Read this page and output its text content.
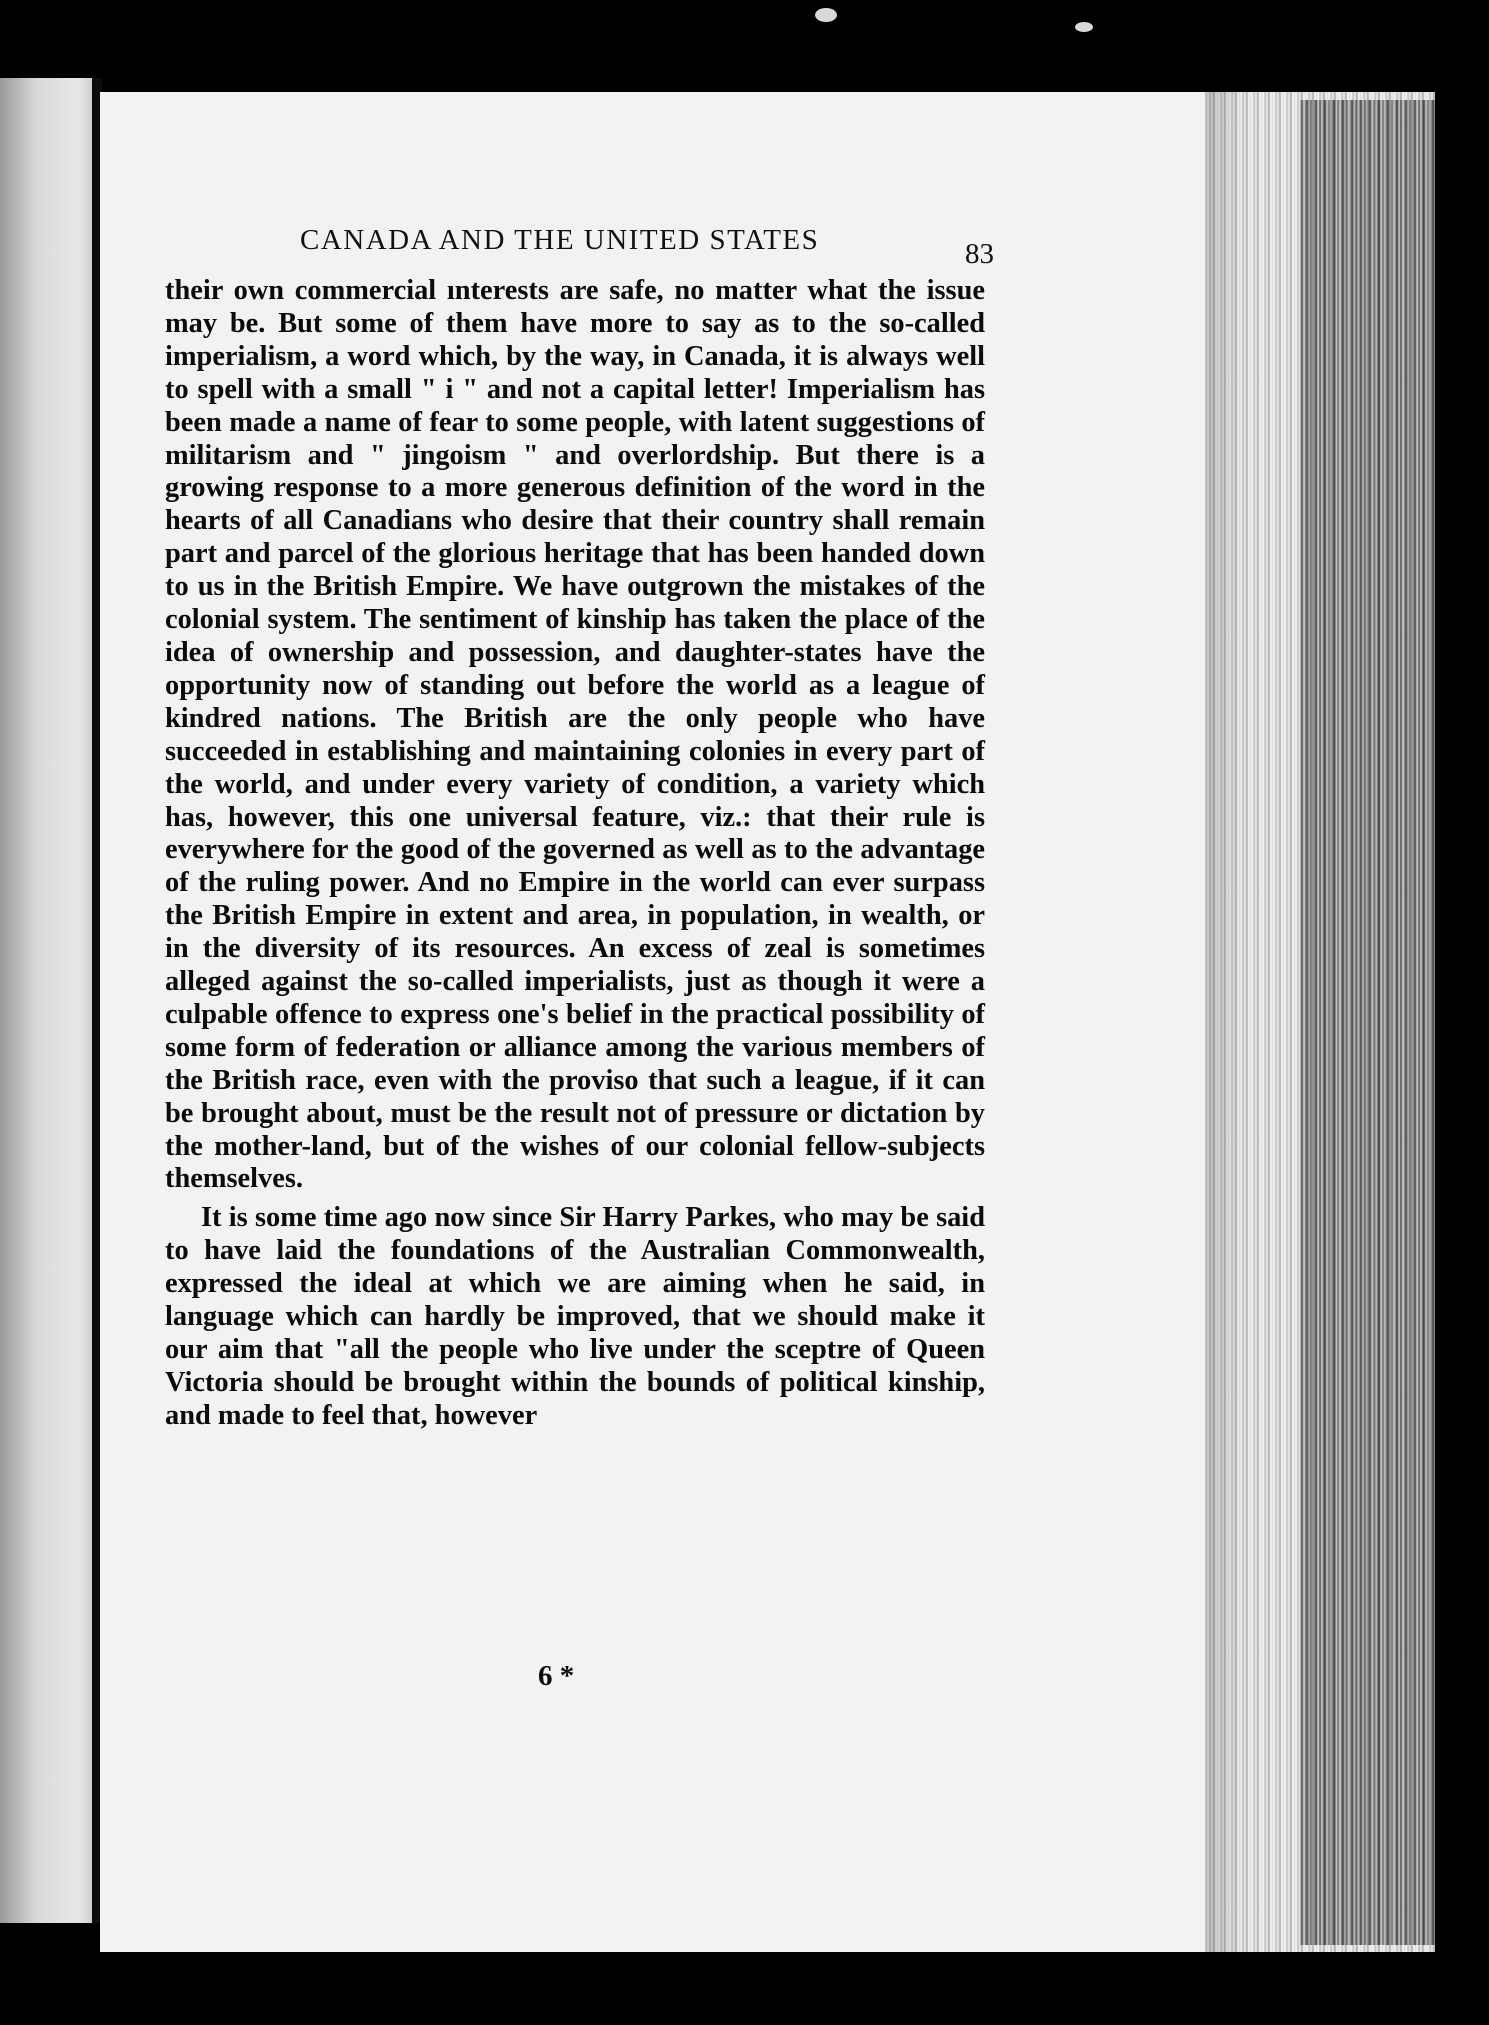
CANADA AND THE UNITED STATES	83

their own commercial ınterests are safe, no matter what the issue may be. But some of them have more to say as to the so-called imperialism, a word which, by the way, in Canada, it is always well to spell with a small " i " and not a capital letter! Imperialism has been made a name of fear to some people, with latent suggestions of militarism and " jingoism " and overlordship. But there is a growing response to a more generous definition of the word in the hearts of all Canadians who desire that their country shall remain part and parcel of the glorious heritage that has been handed down to us in the British Empire. We have outgrown the mistakes of the colonial system. The sentiment of kinship has taken the place of the idea of ownership and possession, and daughter-states have the opportunity now of standing out before the world as a league of kindred nations. The British are the only people who have succeeded in establishing and maintaining colonies in every part of the world, and under every variety of condition, a variety which has, however, this one universal feature, viz.: that their rule is everywhere for the good of the governed as well as to the advantage of the ruling power. And no Empire in the world can ever surpass the British Empire in extent and area, in population, in wealth, or in the diversity of its resources. An excess of zeal is sometimes alleged against the so-called imperialists, just as though it were a culpable offence to express one's belief in the practical possibility of some form of federation or alliance among the various members of the British race, even with the proviso that such a league, if it can be brought about, must be the result not of pressure or dictation by the mother-land, but of the wishes of our colonial fellow-subjects themselves.

It is some time ago now since Sir Harry Parkes, who may be said to have laid the foundations of the Australian Commonwealth, expressed the ideal at which we are aiming when he said, in language which can hardly be improved, that we should make it our aim that "all the people who live under the sceptre of Queen Victoria should be brought within the bounds of political kinship, and made to feel that, however

6 *
